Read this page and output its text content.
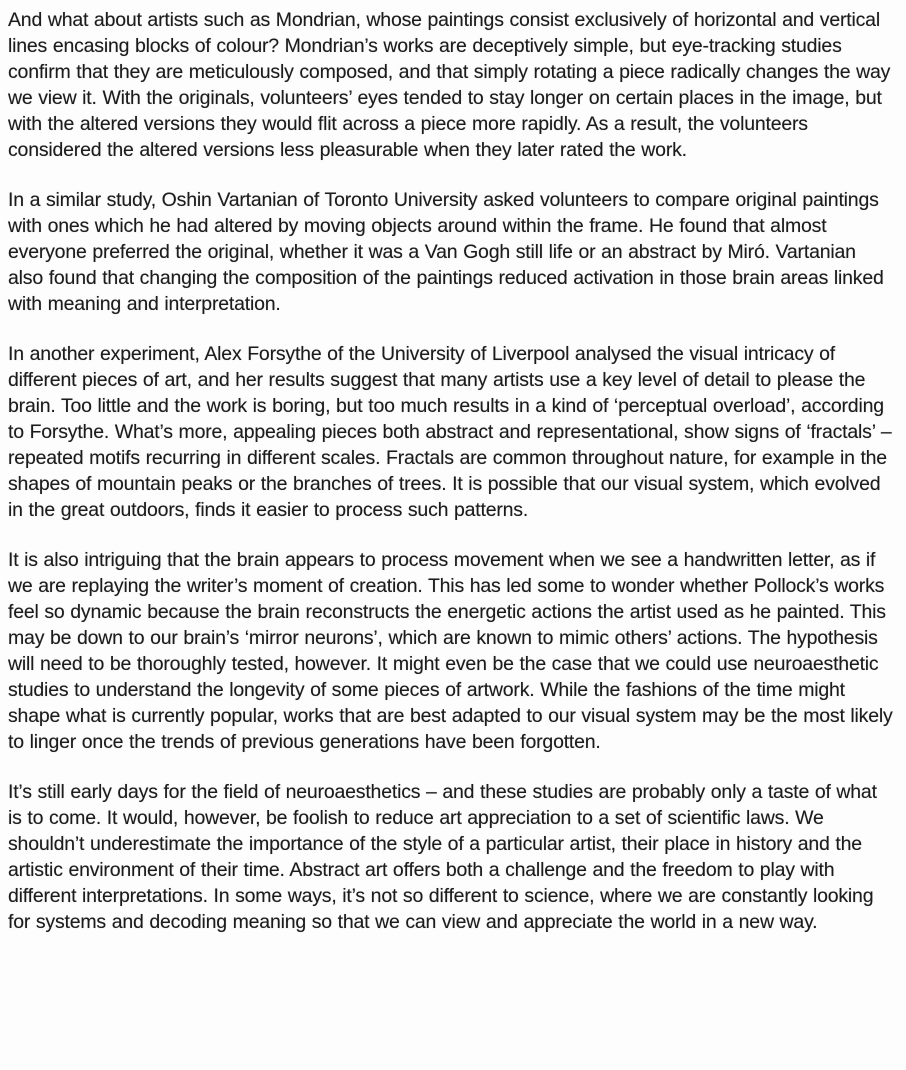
And what about artists such as Mondrian, whose paintings consist exclusively of horizontal and vertical lines encasing blocks of colour? Mondrian’s works are deceptively simple, but eye-tracking studies confirm that they are meticulously composed, and that simply rotating a piece radically changes the way we view it. With the originals, volunteers’ eyes tended to stay longer on certain places in the image, but with the altered versions they would flit across a piece more rapidly. As a result, the volunteers considered the altered versions less pleasurable when they later rated the work.

In a similar study, Oshin Vartanian of Toronto University asked volunteers to compare original paintings with ones which he had altered by moving objects around within the frame. He found that almost everyone preferred the original, whether it was a Van Gogh still life or an abstract by Miró. Vartanian also found that changing the composition of the paintings reduced activation in those brain areas linked with meaning and interpretation.

In another experiment, Alex Forsythe of the University of Liverpool analysed the visual intricacy of different pieces of art, and her results suggest that many artists use a key level of detail to please the brain. Too little and the work is boring, but too much results in a kind of ‘perceptual overload’, according to Forsythe. What’s more, appealing pieces both abstract and representational, show signs of ‘fractals’ – repeated motifs recurring in different scales. Fractals are common throughout nature, for example in the shapes of mountain peaks or the branches of trees. It is possible that our visual system, which evolved in the great outdoors, finds it easier to process such patterns.

It is also intriguing that the brain appears to process movement when we see a handwritten letter, as if we are replaying the writer’s moment of creation. This has led some to wonder whether Pollock’s works feel so dynamic because the brain reconstructs the energetic actions the artist used as he painted. This may be down to our brain’s ‘mirror neurons’, which are known to mimic others’ actions. The hypothesis will need to be thoroughly tested, however. It might even be the case that we could use neuroaesthetic studies to understand the longevity of some pieces of artwork. While the fashions of the time might shape what is currently popular, works that are best adapted to our visual system may be the most likely to linger once the trends of previous generations have been forgotten.

It’s still early days for the field of neuroaesthetics – and these studies are probably only a taste of what is to come. It would, however, be foolish to reduce art appreciation to a set of scientific laws. We shouldn’t underestimate the importance of the style of a particular artist, their place in history and the artistic environment of their time. Abstract art offers both a challenge and the freedom to play with different interpretations. In some ways, it’s not so different to science, where we are constantly looking for systems and decoding meaning so that we can view and appreciate the world in a new way.
